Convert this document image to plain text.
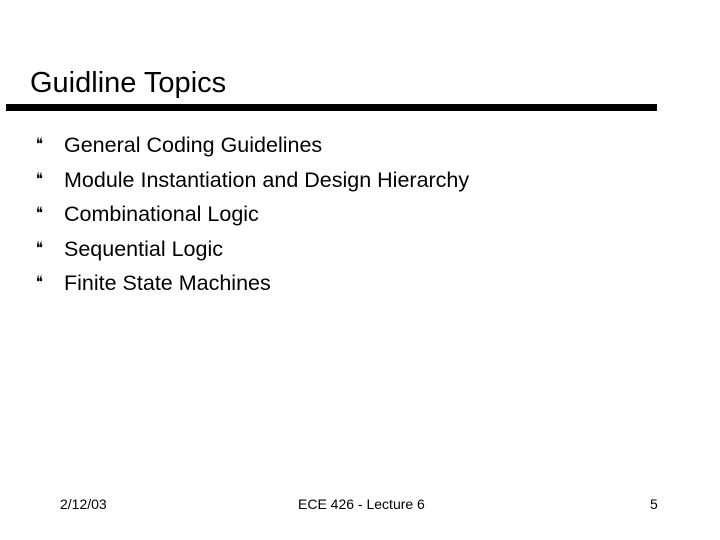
Guidline Topics
❝ General Coding Guidelines
❝ Module Instantiation and Design Hierarchy
❝ Combinational Logic
❝ Sequential Logic
❝ Finite State Machines
2/12/03	ECE 426 - Lecture 6	5
